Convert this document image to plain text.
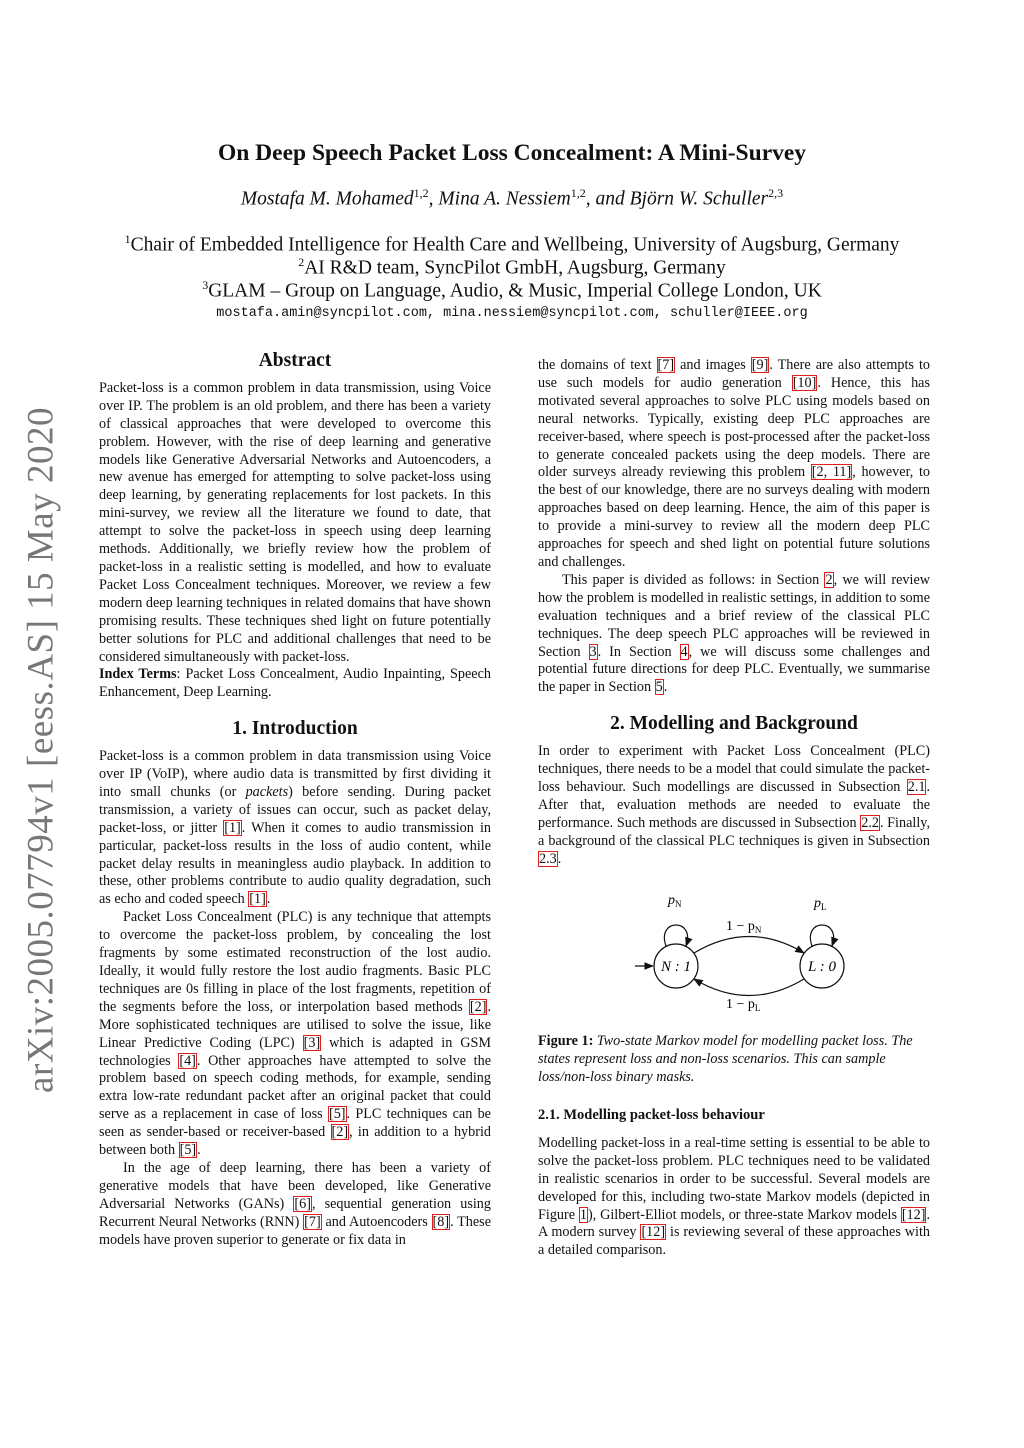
arXiv:2005.07794v1 [eess.AS] 15 May 2020
On Deep Speech Packet Loss Concealment: A Mini-Survey
Mostafa M. Mohamed$^{1,2}$, Mina A. Nessiem$^{1,2}$, and Björn W. Schuller$^{2,3}$
$^1$Chair of Embedded Intelligence for Health Care and Wellbeing, University of Augsburg, Germany
$^2$AI R&D team, SyncPilot GmbH, Augsburg, Germany
$^3$GLAM – Group on Language, Audio, & Music, Imperial College London, UK
mostafa.amin@syncpilot.com, mina.nessiem@syncpilot.com, schuller@IEEE.org
Abstract

Packet-loss is a common problem in data transmission, using Voice over IP. The problem is an old problem, and there has been a variety of classical approaches that were developed to overcome this problem. However, with the rise of deep learning and generative models like Generative Adversarial Networks and Autoencoders, a new avenue has emerged for attempting to solve packet-loss using deep learning, by generating replacements for lost packets. In this mini-survey, we review all the literature we found to date, that attempt to solve the packet-loss in speech using deep learning methods. Additionally, we briefly review how the problem of packet-loss in a realistic setting is modelled, and how to evaluate Packet Loss Concealment techniques. Moreover, we review a few modern deep learning techniques in related domains that have shown promising results. These techniques shed light on future potentially better solutions for PLC and additional challenges that need to be considered simultaneously with packet-loss.

Index Terms: Packet Loss Concealment, Audio Inpainting, Speech Enhancement, Deep Learning.

1. Introduction

Packet-loss is a common problem in data transmission using Voice over IP (VoIP), where audio data is transmitted by first dividing it into small chunks (or packets) before sending. During packet transmission, a variety of issues can occur, such as packet delay, packet-loss, or jitter [1]. When it comes to audio transmission in particular, packet-loss results in the loss of audio content, while packet delay results in meaningless audio playback. In addition to these, other problems contribute to audio quality degradation, such as echo and coded speech [1].

Packet Loss Concealment (PLC) is any technique that attempts to overcome the packet-loss problem, by concealing the lost fragments by some estimated reconstruction of the lost audio. Ideally, it would fully restore the lost audio fragments. Basic PLC techniques are 0s filling in place of the lost fragments, repetition of the segments before the loss, or interpolation based methods [2]. More sophisticated techniques are utilised to solve the issue, like Linear Predictive Coding (LPC) [3] which is adapted in GSM technologies [4]. Other approaches have attempted to solve the problem based on speech coding methods, for example, sending extra low-rate redundant packet after an original packet that could serve as a replacement in case of loss [5]. PLC techniques can be seen as sender-based or receiver-based [2], in addition to a hybrid between both [5].

In the age of deep learning, there has been a variety of generative models that have been developed, like Generative Adversarial Networks (GANs) [6], sequential generation using Recurrent Neural Networks (RNN) [7] and Autoencoders [8]. These models have proven superior to generate or fix data in

the domains of text [7] and images [9]. There are also attempts to use such models for audio generation [10]. Hence, this has motivated several approaches to solve PLC using models based on neural networks. Typically, existing deep PLC approaches are receiver-based, where speech is post-processed after the packet-loss to generate concealed packets using the deep models. There are older surveys already reviewing this problem [2, 11], however, to the best of our knowledge, there are no surveys dealing with modern approaches based on deep learning. Hence, the aim of this paper is to provide a mini-survey to review all the modern deep PLC approaches for speech and shed light on potential future solutions and challenges.

This paper is divided as follows: in Section 2, we will review how the problem is modelled in realistic settings, in addition to some evaluation techniques and a brief review of the classical PLC techniques. The deep speech PLC approaches will be reviewed in Section 3. In Section 4, we will discuss some challenges and potential future directions for deep PLC. Eventually, we summarise the paper in Section 5.

2. Modelling and Background

In order to experiment with Packet Loss Concealment (PLC) techniques, there needs to be a model that could simulate the packet-loss behaviour. Such modellings are discussed in Subsection 2.1. After that, evaluation methods are needed to evaluate the performance. Such methods are discussed in Subsection 2.2. Finally, a background of the classical PLC techniques is given in Subsection 2.3.

N : 1	L : 0
$p_N$	$p_L$
$1 - p_N$
$1 - p_L$
Figure 1: Two-state Markov model for modelling packet loss. The states represent loss and non-loss scenarios. This can sample loss/non-loss binary masks.
2.1. Modelling packet-loss behaviour

Modelling packet-loss in a real-time setting is essential to be able to solve the packet-loss problem. PLC techniques need to be validated in realistic scenarios in order to be successful. Several models are developed for this, including two-state Markov models (depicted in Figure 1), Gilbert-Elliot models, or three-state Markov models [12]. A modern survey [12] is reviewing several of these approaches with a detailed comparison.
